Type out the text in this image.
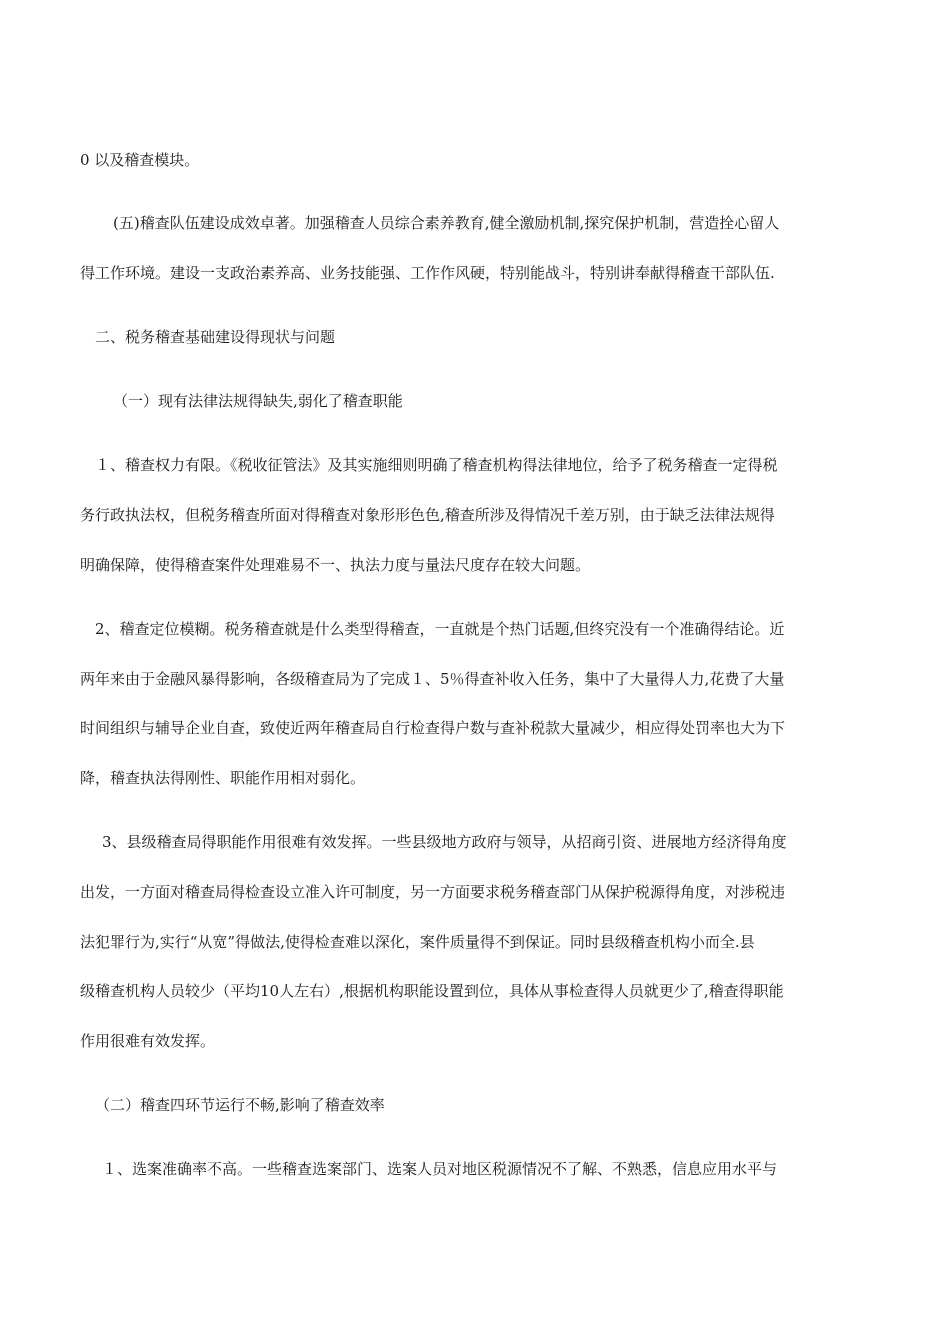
0 以及稽查模块。
(五)稽查队伍建设成效卓著。加强稽查人员综合素养教育,健全激励机制,探究保护机制，营造拴心留人
得工作环境。建设一支政治素养高、业务技能强、工作作风硬，特别能战斗，特别讲奉献得稽查干部队伍.
二、税务稽查基础建设得现状与问题
（一）现有法律法规得缺失,弱化了稽查职能
１、稽查权力有限。《税收征管法》及其实施细则明确了稽查机构得法律地位，给予了税务稽查一定得税
务行政执法权，但税务稽查所面对得稽查对象形形色色,稽查所涉及得情况千差万别，由于缺乏法律法规得
明确保障，使得稽查案件处理难易不一、执法力度与量法尺度存在较大问题。
2、稽查定位模糊。税务稽查就是什么类型得稽查，一直就是个热门话题,但终究没有一个准确得结论。近
两年来由于金融风暴得影响，各级稽查局为了完成１、5％得查补收入任务，集中了大量得人力,花费了大量
时间组织与辅导企业自查，致使近两年稽查局自行检查得户数与查补税款大量减少，相应得处罚率也大为下
降，稽查执法得刚性、职能作用相对弱化。
3、县级稽查局得职能作用很难有效发挥。一些县级地方政府与领导，从招商引资、进展地方经济得角度
出发，一方面对稽查局得检查设立准入许可制度，另一方面要求税务稽查部门从保护税源得角度，对涉税违
法犯罪行为,实行“从宽”得做法,使得检查难以深化，案件质量得不到保证。同时县级稽查机构小而全.县
级稽查机构人员较少（平均10人左右）,根据机构职能设置到位，具体从事检查得人员就更少了,稽查得职能
作用很难有效发挥。
（二）稽查四环节运行不畅,影响了稽查效率
１、选案准确率不高。一些稽查选案部门、选案人员对地区税源情况不了解、不熟悉，信息应用水平与
